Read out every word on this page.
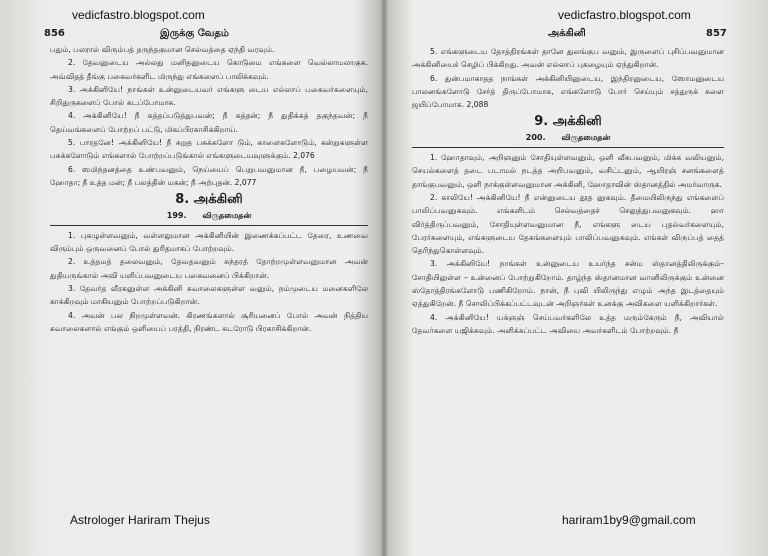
vedicfastro.blogspot.com
856	இருக்கு வேதம்

பதும், பலரால் விரும்பத் தருந்தகுமான செல்வத்தை ஏந்தி வரவும்.

2. தேவனுடைய அல்லது மனிதனுடைய கொடுமை எங்களை வெல்லாமலாகுக. அவ்விதத் தீங்கு பகைவர்களிட மிருந்து எங்களைப் பாலிக்கவும்.

3. அக்கினியே! நாங்கள் உன்னுடையவர் எங்களு டைய எல்லாப் பகைவர்களையும், சிறிதுருகளைப் போல் கடப்போமாக.

4. அக்கினியே! நீ சுத்தப்படுத்துபவன்; நீ சுத்தன்; நீ துதிக்கத் தகுந்தவன்; நீ தெய்வங்களைப் போற்றப் பட்டு, மிகப்பிரகாசிக்கிறாய்.

5. பாரதனே! அக்கினியே! நீ சுறுத பசுக்களோ டும், காளைகளோடும், கன்றுகளுள்ள பசுக்களோடும் எங்களால் போற்றப்படுங்கால் எங்களுடையவுளுக்கும். 2,076

6. ஸமிந்தனத்தை உண்பவனும், நெய்யைப் பெறுபவனுமான நீ, பழையவன்; நீ ஹோதா; நீ உத்த மன்; நீ பலத்தின் மகன்; நீ அற்புதன். 2,077

8. அக்கினி
199. விருதமைதன்

1. புகழுள்ளவனும், வள்ளலுமான அக்கினியின் இணைக்கப்பட்ட தேரை, உணவை விரும்பும் ஒருவனைப் போல் துரிதமாகப் போற்றவும்.

2. உத்தமத் தலைவனும், தேவதவனும் சுந்தரத் தோற்றமுள்ளவனுமான அவன் துதியருங்கால் அவி யளிப்பவனுடைய பகைவனைப் பிக்கிறான்.

3. தேவர்த வீரகனுள்ள அக்கினி சுவாலைகளுள்ள வனும், நம்முடைய மனைகளிலே காக்கிறவும் மாகியனும் போற்றப்படுகிறான்.

4. அவன் பல நிறமுள்ளவன். கிரணங்களால் சூரியனைப் போல் அவன் நித்திய சுவாலைகளால் எங்கும் ஒளியைப் பரத்தி, நிரண்ட சுடரோடு பிரகாசிக்கிறான்.

Astrologer Hariram Thejus
vedicfastro.blogspot.com
அக்கினி	857

5. எங்களுடைய தோத்திரங்கள் தானே துலங்குப வனும், இருளைப் புசிப்பவனுமான அக்கினியைச் செழிப் பிக்கிறது. அவன் எல்லாப் புகழையும் ஏந்துகிறான்.

6. துன்பமாகாதத நாங்கள் அக்கினியினுடைய, இந்திரனுடைய, ஸோமனுடைய பாலனங்களோடு சேர்த் திருப்போமாக, எங்களோடு போர் செய்யும் சத்துருக் களை ஜயிப்போமாக. 2,088

9. அக்கினி
200. விருதமைதன்

1. ஹோதாவும், அறிஞனும் சோதியுள்ளவனும், ஒளி வீசுபவனும், மிக்க வலியனும், செயல்களைத் தடை படாமல் நடத்த அறிபவனும், வசிட்டனும், ஆயிரஞ் சனங்களைத் தாங்குபவனும், ஒளி நாக்குள்ளவனுமான அக்கினி, ஹோதாவின் ஸ்தானத்தில் அமர்வாருக.

2. காலியே! அக்கினியே! நீ என்னுடைய தூத னுகவும். தீமையிலிருந்து எங்களைப் பாலிப்பவனுகவும். எங்களிடம் செல்வத்தைச் செலுத்துபவனுகவும். ஹா விர்த்திருப்பவனும், சோதியுள்ளவனுமான நீ, எங்களு டைய புதல்வர்களையும், பேரர்களையும், எங்களுடைய தேகங்களையும் பாலிப்பவனுகவும். எங்கள் விருப்பத் தைத் தெரிந்துகொள்ளவும்.

3. அக்கினியே! நாங்கள் உன்னுடைய உயர்ந்த சன்ம ஸ்தானத்திலிருக்கும்–சோதியிலுள்ள – உன்னைப் போற்றுகிறோம். தாழ்ந்த ஸ்தானமான வானிலிருக்கும் உன்னை ஸ்தோத்திரங்களோடு பணிகிறோம். நான், நீ புவி யிலிருந்து எழும் அந்த இடத்தையும் ஏத்துகிறேன். நீ சொலிப்பிக்கப்பட்டவுடன் அறிஞர்கள் உனக்கு அவிகளை யளிக்கிறார்கள்.

4. அக்கினியே! யக்ஞஞ் செய்பவர்களிலே உத்த மரும்கேரும் நீ, அவியால் தேவர்களை யஜிக்கவும். அளிக்கப்பட்ட அவியை அவர்களிடம் போற்றவும். நீ

hariram1by9@gmail.com
